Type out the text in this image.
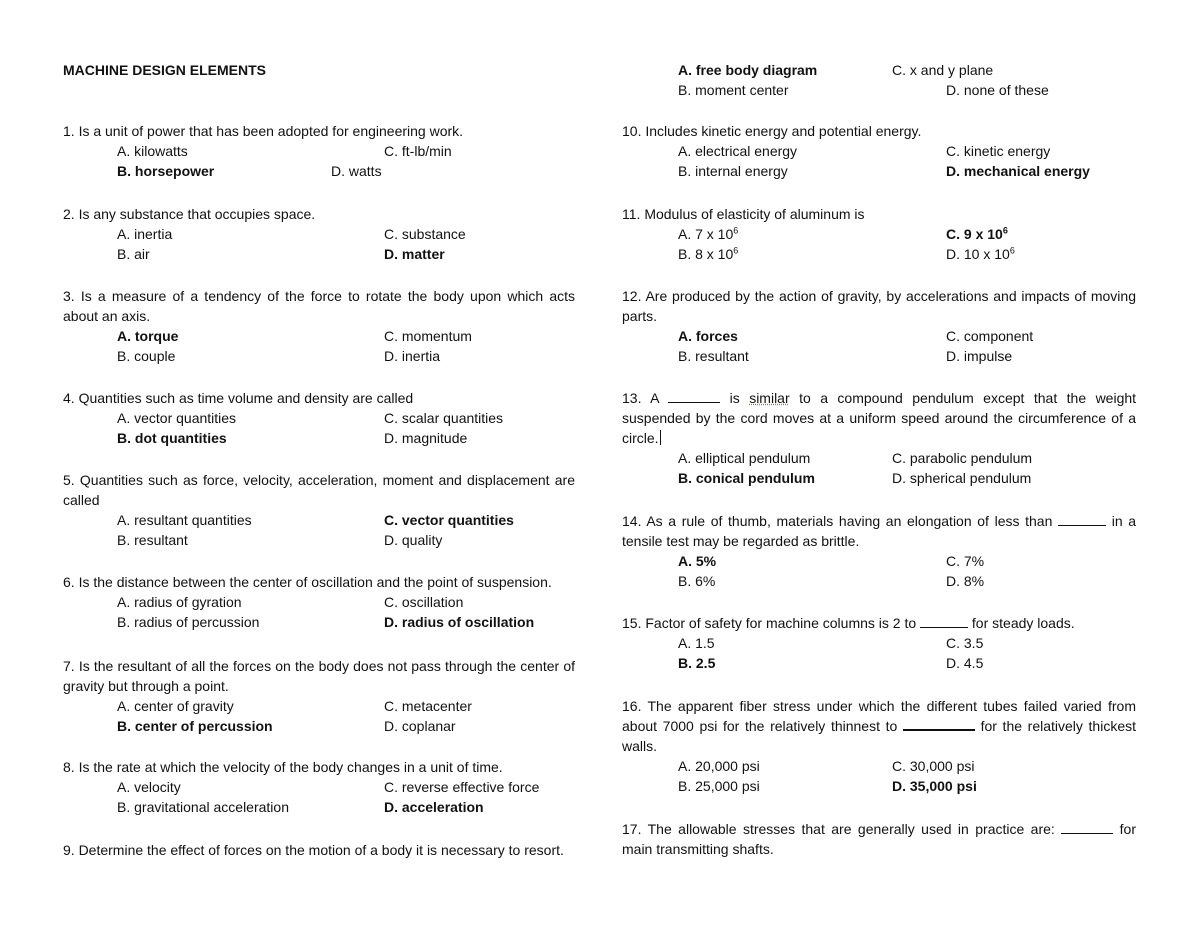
MACHINE DESIGN ELEMENTS
1. Is a unit of power that has been adopted for engineering work.
A. kilowatts
B. horsepower
C. ft-lb/min
D. watts
2. Is any substance that occupies space.
A. inertia
B. air
C. substance
D. matter
3. Is a measure of a tendency of the force to rotate the body upon which acts about an axis.
A. torque
B. couple
C. momentum
D. inertia
4. Quantities such as time volume and density are called
A. vector quantities
B. dot quantities
C. scalar quantities
D. magnitude
5. Quantities such as force, velocity, acceleration, moment and displacement are called
A. resultant quantities
B. resultant
C. vector quantities
D. quality
6. Is the distance between the center of oscillation and the point of suspension.
A. radius of gyration
B. radius of percussion
C. oscillation
D. radius of oscillation
7. Is the resultant of all the forces on the body does not pass through the center of gravity but through a point.
A. center of gravity
B. center of percussion
C. metacenter
D. coplanar
8. Is the rate at which the velocity of the body changes in a unit of time.
A. velocity
B. gravitational acceleration
C. reverse effective force
D. acceleration
9. Determine the effect of forces on the motion of a body it is necessary to resort.
A. free body diagram
B. moment center
C. x and y plane
D. none of these
10. Includes kinetic energy and potential energy.
A. electrical energy
B. internal energy
C. kinetic energy
D. mechanical energy
11. Modulus of elasticity of aluminum is
A. 7 x $10^6$
B. 8 x $10^6$
C. 9 x $10^6$
D. 10 x $10^6$
12. Are produced by the action of gravity, by accelerations and impacts of moving parts.
A. forces
B. resultant
C. component
D. impulse
13. A	is similar to a compound pendulum except that the weight suspended by the cord moves at a uniform speed around the circumference of a circle.
A. elliptical pendulum
B. conical pendulum
C. parabolic pendulum
D. spherical pendulum
14. As a rule of thumb, materials having an elongation of less than	in a tensile test may be regarded as brittle.
A. 5%
B. 6%
C. 7%
D. 8%
15. Factor of safety for machine columns is 2 to	for steady loads.
A. 1.5
B. 2.5
C. 3.5
D. 4.5
16. The apparent fiber stress under which the different tubes failed varied from about 7000 psi for the relatively thinnest to	for the relatively thickest walls.
A. 20,000 psi
B. 25,000 psi
C. 30,000 psi
D. 35,000 psi
17. The allowable stresses that are generally used in practice are:	for main transmitting shafts.
